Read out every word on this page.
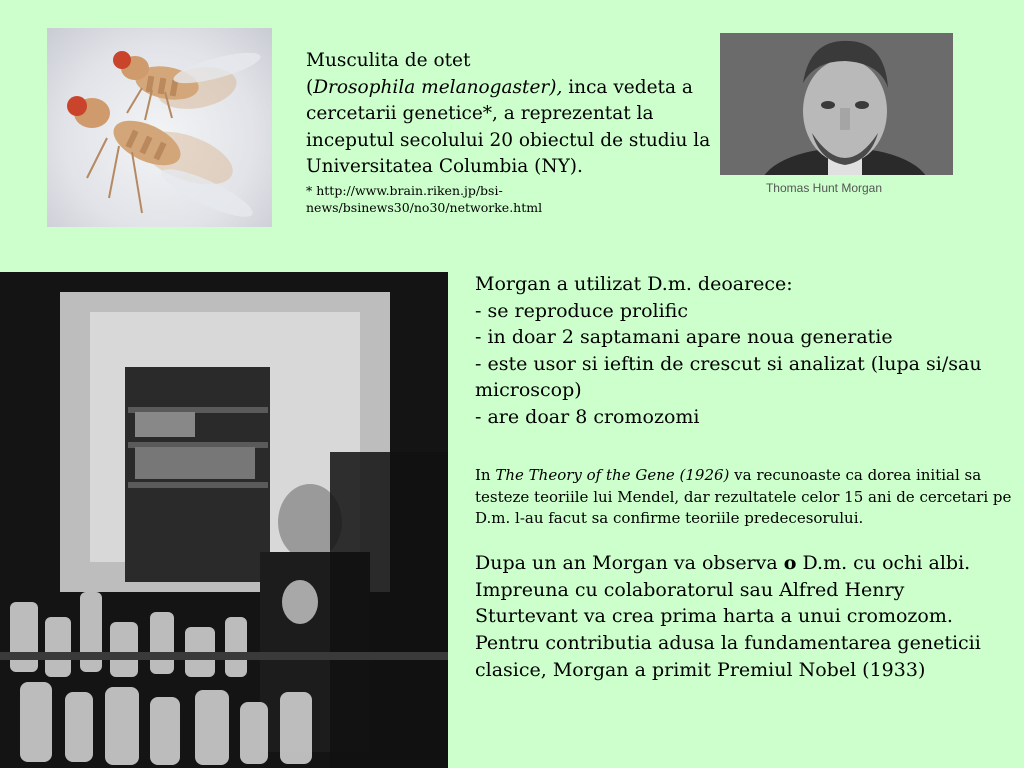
Musculita de otet
(Drosophila melanogaster), inca vedeta a cercetarii genetice*, a reprezentat la inceputul secolului 20 obiectul de studiu la Universitatea Columbia (NY).
* http://www.brain.riken.jp/bsi-news/bsinews30/no30/networke.html
Thomas Hunt Morgan
Morgan a utilizat D.m. deoarece:
- se reproduce prolific
- in doar 2 saptamani apare noua generatie
- este usor si ieftin de crescut si analizat (lupa si/sau microscop)
- are doar 8 cromozomi
In The Theory of the Gene (1926) va recunoaste ca dorea initial sa testeze teoriile lui Mendel, dar rezultatele celor 15 ani de cercetari pe D.m. l-au facut sa confirme teoriile predecesorului.
Dupa un an Morgan va observa o D.m. cu ochi albi.
Impreuna cu colaboratorul sau Alfred Henry Sturtevant va crea prima harta a unui cromozom.
Pentru contributia adusa la fundamentarea geneticii clasice, Morgan a primit Premiul Nobel (1933)
